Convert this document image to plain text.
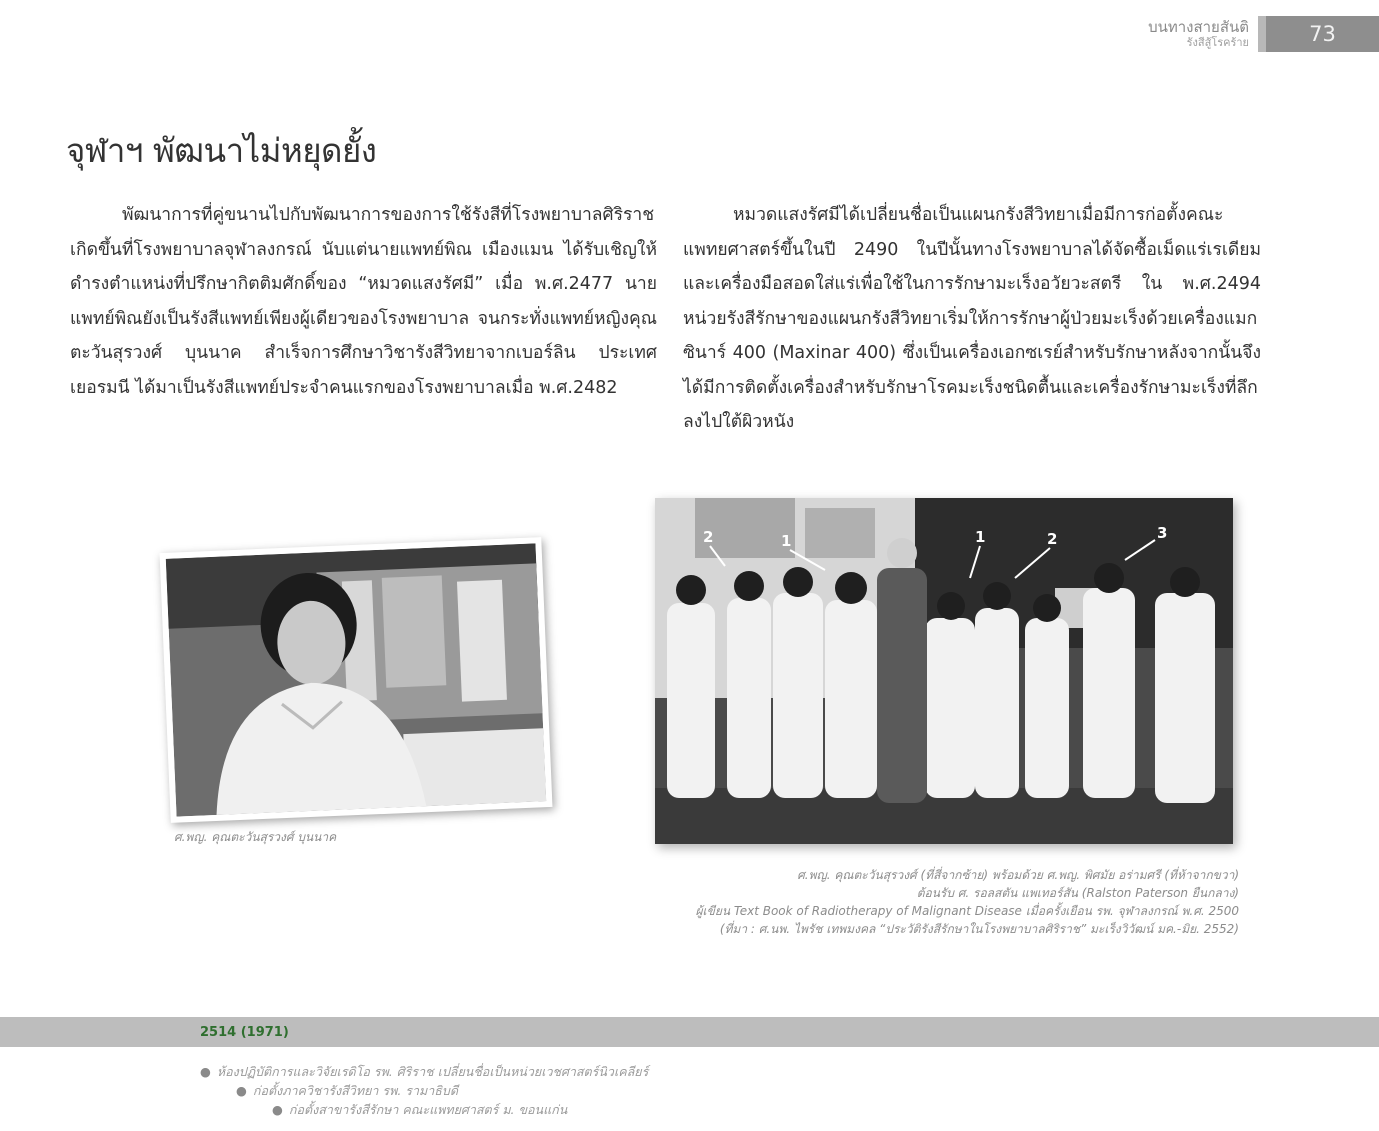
บนทางสายสันติ
รังสีสู้โรคร้าย	73
จุฬาฯ พัฒนาไม่หยุดยั้ง

พัฒนาการที่คู่ขนานไปกับพัฒนาการของการใช้รังสีที่โรงพยาบาลศิริราช เกิดขึ้นที่โรงพยาบาลจุฬาลงกรณ์ นับแต่นายแพทย์พิณ เมืองแมน ได้รับเชิญให้ดำรงตำแหน่งที่ปรึกษากิตติมศักดิ์ของ “หมวดแสงรัศมี” เมื่อ พ.ศ.2477 นายแพทย์พิณยังเป็นรังสีแพทย์เพียงผู้เดียวของโรงพยาบาล จนกระทั่งแพทย์หญิงคุณตะวันสุรวงศ์ บุนนาค สำเร็จการศึกษาวิชารังสีวิทยาจากเบอร์ลิน ประเทศเยอรมนี ได้มาเป็นรังสีแพทย์ประจำคนแรกของโรงพยาบาลเมื่อ พ.ศ.2482

หมวดแสงรัศมีได้เปลี่ยนชื่อเป็นแผนกรังสีวิทยาเมื่อมีการก่อตั้งคณะแพทยศาสตร์ขึ้นในปี 2490 ในปีนั้นทางโรงพยาบาลได้จัดซื้อเม็ดแร่เรเดียมและเครื่องมือสอดใส่แร่เพื่อใช้ในการรักษามะเร็งอวัยวะสตรี ใน พ.ศ.2494 หน่วยรังสีรักษาของแผนกรังสีวิทยาเริ่มให้การรักษาผู้ป่วยมะเร็งด้วยเครื่องแมกซินาร์ 400 (Maxinar 400) ซึ่งเป็นเครื่องเอกซเรย์สำหรับรักษาหลังจากนั้นจึงได้มีการติดตั้งเครื่องสำหรับรักษาโรคมะเร็งชนิดตื้นและเครื่องรักษามะเร็งที่ลึกลงไปใต้ผิวหนัง

ศ.พญ. คุณตะวันสุรวงศ์ บุนนาค
2	1	1	2	3
ศ.พญ. คุณตะวันสุรวงศ์ (ที่สี่จากซ้าย) พร้อมด้วย ศ.พญ. พิศมัย อร่ามศรี (ที่ห้าจากขวา)
ต้อนรับ ศ. รอลสตัน แพเทอร์สัน (Ralston Paterson ยืนกลาง)
ผู้เขียน Text Book of Radiotherapy of Malignant Disease เมื่อครั้งเยือน รพ. จุฬาลงกรณ์ พ.ศ. 2500
(ที่มา : ศ.นพ. ไพรัช เทพมงคล “ประวัติรังสีรักษาในโรงพยาบาลศิริราช” มะเร็งวิวัฒน์ มค.-มิย. 2552)
2514 (1971)
● ห้องปฏิบัติการและวิจัยเรดิโอ รพ. ศิริราช เปลี่ยนชื่อเป็นหน่วยเวชศาสตร์นิวเคลียร์
● ก่อตั้งภาควิชารังสีวิทยา รพ. รามาธิบดี
● ก่อตั้งสาขารังสีรักษา คณะแพทยศาสตร์ ม. ขอนแก่น
